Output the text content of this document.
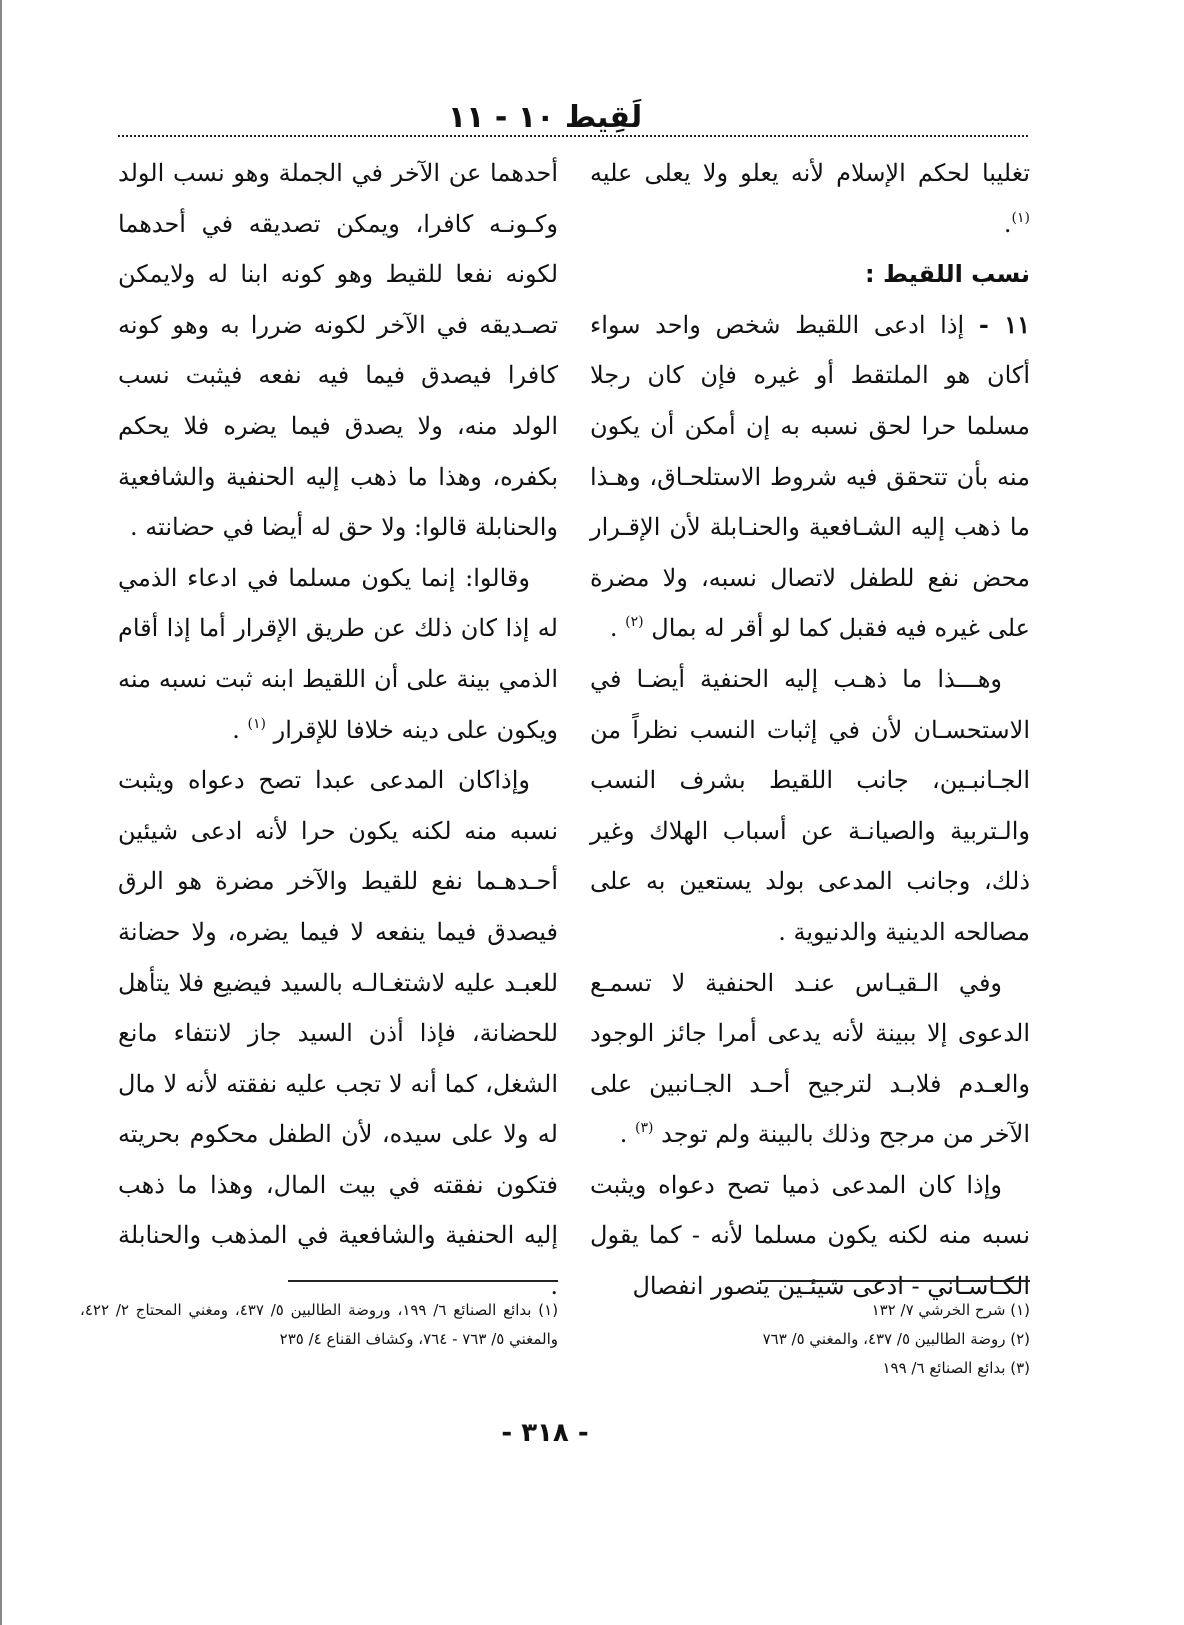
لَقِيط ١٠ - ١١

تغليبا لحكم الإسلام لأنه يعلو ولا يعلى عليه $^{(١)}$.

نسب اللقيط :

١١ - إذا ادعى اللقيط شخص واحد سواء أكان هو الملتقط أو غيره فإن كان رجلا مسلما حرا لحق نسبه به إن أمكن أن يكون منه بأن تتحقق فيه شروط الاستلحـاق، وهـذا ما ذهب إليه الشـافعية والحنـابلة لأن الإقـرار محض نفع للطفل لاتصال نسبه، ولا مضرة على غيره فيه فقبل كما لو أقر له بمال $^{(٢)}$ .

وهـــذا ما ذهـب إليه الحنفية أيضـا في الاستحسـان لأن في إثبات النسب نظراً من الجـانبـين، جانب اللقيط بشرف النسب والـتربية والصيانـة عن أسباب الهلاك وغير ذلك، وجانب المدعى بولد يستعين به على مصالحه الدينية والدنيوية .

وفي الـقيـاس عنـد الحنفية لا تسمـع الدعوى إلا ببينة لأنه يدعى أمرا جائز الوجود والعـدم فلابـد لترجيح أحـد الجـانبين على الآخر من مرجح وذلك بالبينة ولم توجد $^{(٣)}$ .

وإذا كان المدعى ذميا تصح دعواه ويثبت نسبه منه لكنه يكون مسلما لأنه - كما يقول الكـاسـاني - ادعى شيئـين يتصور انفصال

أحدهما عن الآخر في الجملة وهو نسب الولد وكـونـه كافرا، ويمكن تصديقه في أحدهما لكونه نفعا للقيط وهو كونه ابنا له ولايمكن تصـديقه في الآخر لكونه ضررا به وهو كونه كافرا فيصدق فيما فيه نفعه فيثبت نسب الولد منه، ولا يصدق فيما يضره فلا يحكم بكفره، وهذا ما ذهب إليه الحنفية والشافعية والحنابلة قالوا: ولا حق له أيضا في حضانته .

وقالوا: إنما يكون مسلما في ادعاء الذمي له إذا كان ذلك عن طريق الإقرار أما إذا أقام الذمي بينة على أن اللقيط ابنه ثبت نسبه منه ويكون على دينه خلافا للإقرار $^{(١)}$ .

وإذاكان المدعى عبدا تصح دعواه ويثبت نسبه منه لكنه يكون حرا لأنه ادعى شيئين أحـدهـما نفع للقيط والآخر مضرة هو الرق فيصدق فيما ينفعه لا فيما يضره، ولا حضانة للعبـد عليه لاشتغـالـه بالسيد فيضيع فلا يتأهل للحضانة، فإذا أذن السيد جاز لانتفاء مانع الشغل، كما أنه لا تجب عليه نفقته لأنه لا مال له ولا على سيده، لأن الطفل محكوم بحريته فتكون نفقته في بيت المال، وهذا ما ذهب إليه الحنفية والشافعية في المذهب والحنابلة .

(١) شرح الخرشي ٧/ ١٣٢

(٢) روضة الطالبين ٥/ ٤٣٧، والمغني ٥/ ٧٦٣

(٣) بدائع الصنائع ٦/ ١٩٩

(١) بدائع الصنائع ٦/ ١٩٩، وروضة الطالبين ٥/ ٤٣٧، ومغني المحتاج ٢/ ٤٢٢، والمغني ٥/ ٧٦٣ - ٧٦٤، وكشاف القناع ٤/ ٢٣٥

- ٣١٨ -
